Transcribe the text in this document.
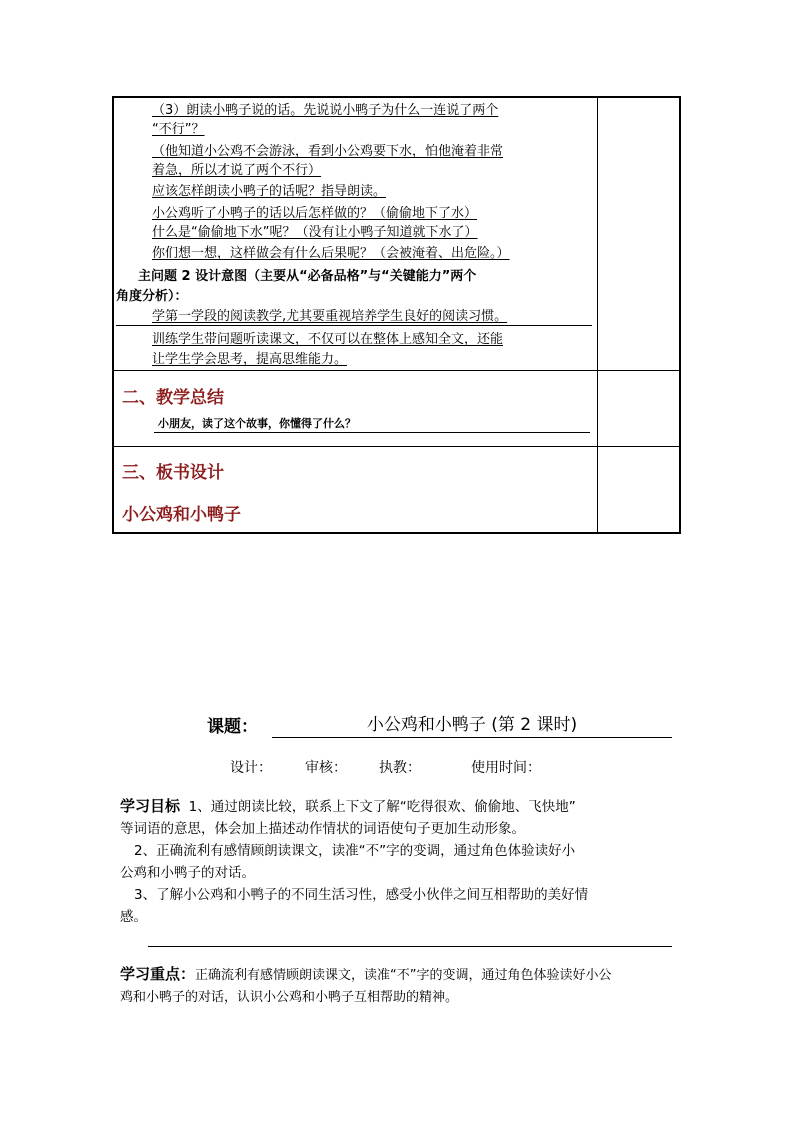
（3）朗读小鸭子说的话。先说说小鸭子为什么一连说了两个
“不行”？
（他知道小公鸡不会游泳，看到小公鸡要下水，怕他淹着非常
着急，所以才说了两个不行）
应该怎样朗读小鸭子的话呢？指导朗读。
小公鸡听了小鸭子的话以后怎样做的？（偷偷地下了水）
什么是“偷偷地下水”呢？（没有让小鸭子知道就下水了）
你们想一想，这样做会有什么后果呢？（会被淹着、出危险。）
主问题 2 设计意图（主要从“必备品格”与“关键能力”两个
角度分析）：
学第一学段的阅读教学,尤其要重视培养学生良好的阅读习惯。
训练学生带问题听读课文，不仅可以在整体上感知全文，还能
让学生学会思考，提高思维能力。
二、教学总结
小朋友，读了这个故事，你懂得了什么？
三、板书设计
小公鸡和小鸭子
课题：	小公鸡和小鸭子 (第 2 课时)
设计： 审核： 执教：	使用时间：
学习目标 1、通过朗读比较，联系上下文了解“吃得很欢、偷偷地、飞快地”
等词语的意思，体会加上描述动作情状的词语使句子更加生动形象。
2、正确流利有感情顾朗读课文，读准“不”字的变调，通过角色体验读好小
公鸡和小鸭子的对话。
3、了解小公鸡和小鸭子的不同生活习性，感受小伙伴之间互相帮助的美好情
感。
学习重点：正确流利有感情顾朗读课文，读准“不”字的变调，通过角色体验读好小公
鸡和小鸭子的对话，认识小公鸡和小鸭子互相帮助的精神。
